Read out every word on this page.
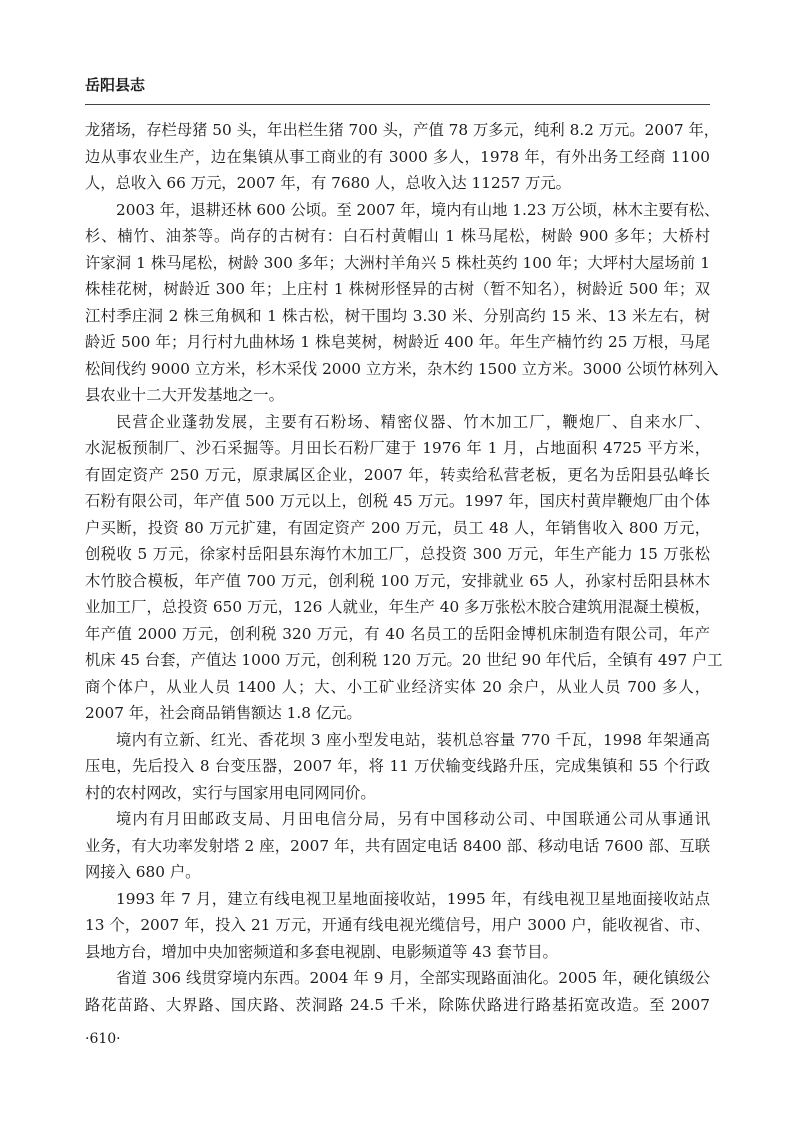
岳阳县志
龙猪场，存栏母猪 50 头，年出栏生猪 700 头，产值 78 万多元，纯利 8.2 万元。2007 年，
边从事农业生产，边在集镇从事工商业的有 3000 多人，1978 年，有外出务工经商 1100
人，总收入 66 万元，2007 年，有 7680 人，总收入达 11257 万元。
2003 年，退耕还林 600 公顷。至 2007 年，境内有山地 1.23 万公顷，林木主要有松、
杉、楠竹、油茶等。尚存的古树有：白石村黄帽山 1 株马尾松，树龄 900 多年；大桥村
许家洞 1 株马尾松，树龄 300 多年；大洲村羊角兴 5 株杜英约 100 年；大坪村大屋场前 1
株桂花树，树龄近 300 年；上庄村 1 株树形怪异的古树（暂不知名），树龄近 500 年；双
江村季庄洞 2 株三角枫和 1 株古松，树干围均 3.30 米、分别高约 15 米、13 米左右，树
龄近 500 年；月行村九曲林场 1 株皂荚树，树龄近 400 年。年生产楠竹约 25 万根，马尾
松间伐约 9000 立方米，杉木采伐 2000 立方米，杂木约 1500 立方米。3000 公顷竹林列入
县农业十二大开发基地之一。
民营企业蓬勃发展，主要有石粉场、精密仪器、竹木加工厂，鞭炮厂、自来水厂、
水泥板预制厂、沙石采掘等。月田长石粉厂建于 1976 年 1 月，占地面积 4725 平方米，
有固定资产 250 万元，原隶属区企业，2007 年，转卖给私营老板，更名为岳阳县弘峰长
石粉有限公司，年产值 500 万元以上，创税 45 万元。1997 年，国庆村黄岸鞭炮厂由个体
户买断，投资 80 万元扩建，有固定资产 200 万元，员工 48 人，年销售收入 800 万元，
创税收 5 万元，徐家村岳阳县东海竹木加工厂，总投资 300 万元，年生产能力 15 万张松
木竹胶合模板，年产值 700 万元，创利税 100 万元，安排就业 65 人，孙家村岳阳县林木
业加工厂，总投资 650 万元，126 人就业，年生产 40 多万张松木胶合建筑用混凝土模板，
年产值 2000 万元，创利税 320 万元，有 40 名员工的岳阳金博机床制造有限公司，年产
机床 45 台套，产值达 1000 万元，创利税 120 万元。20 世纪 90 年代后，全镇有 497 户工
商个体户，从业人员 1400 人；大、小工矿业经济实体 20 余户，从业人员 700 多人，
2007 年，社会商品销售额达 1.8 亿元。
境内有立新、红光、香花坝 3 座小型发电站，装机总容量 770 千瓦，1998 年架通高
压电，先后投入 8 台变压器，2007 年，将 11 万伏输变线路升压，完成集镇和 55 个行政
村的农村网改，实行与国家用电同网同价。
境内有月田邮政支局、月田电信分局，另有中国移动公司、中国联通公司从事通讯
业务，有大功率发射塔 2 座，2007 年，共有固定电话 8400 部、移动电话 7600 部、互联
网接入 680 户。
1993 年 7 月，建立有线电视卫星地面接收站，1995 年，有线电视卫星地面接收站点
13 个，2007 年，投入 21 万元，开通有线电视光缆信号，用户 3000 户，能收视省、市、
县地方台，增加中央加密频道和多套电视剧、电影频道等 43 套节目。
省道 306 线贯穿境内东西。2004 年 9 月，全部实现路面油化。2005 年，硬化镇级公
路花苗路、大界路、国庆路、茨洞路 24.5 千米，除陈伏路进行路基拓宽改造。至 2007
·610·
